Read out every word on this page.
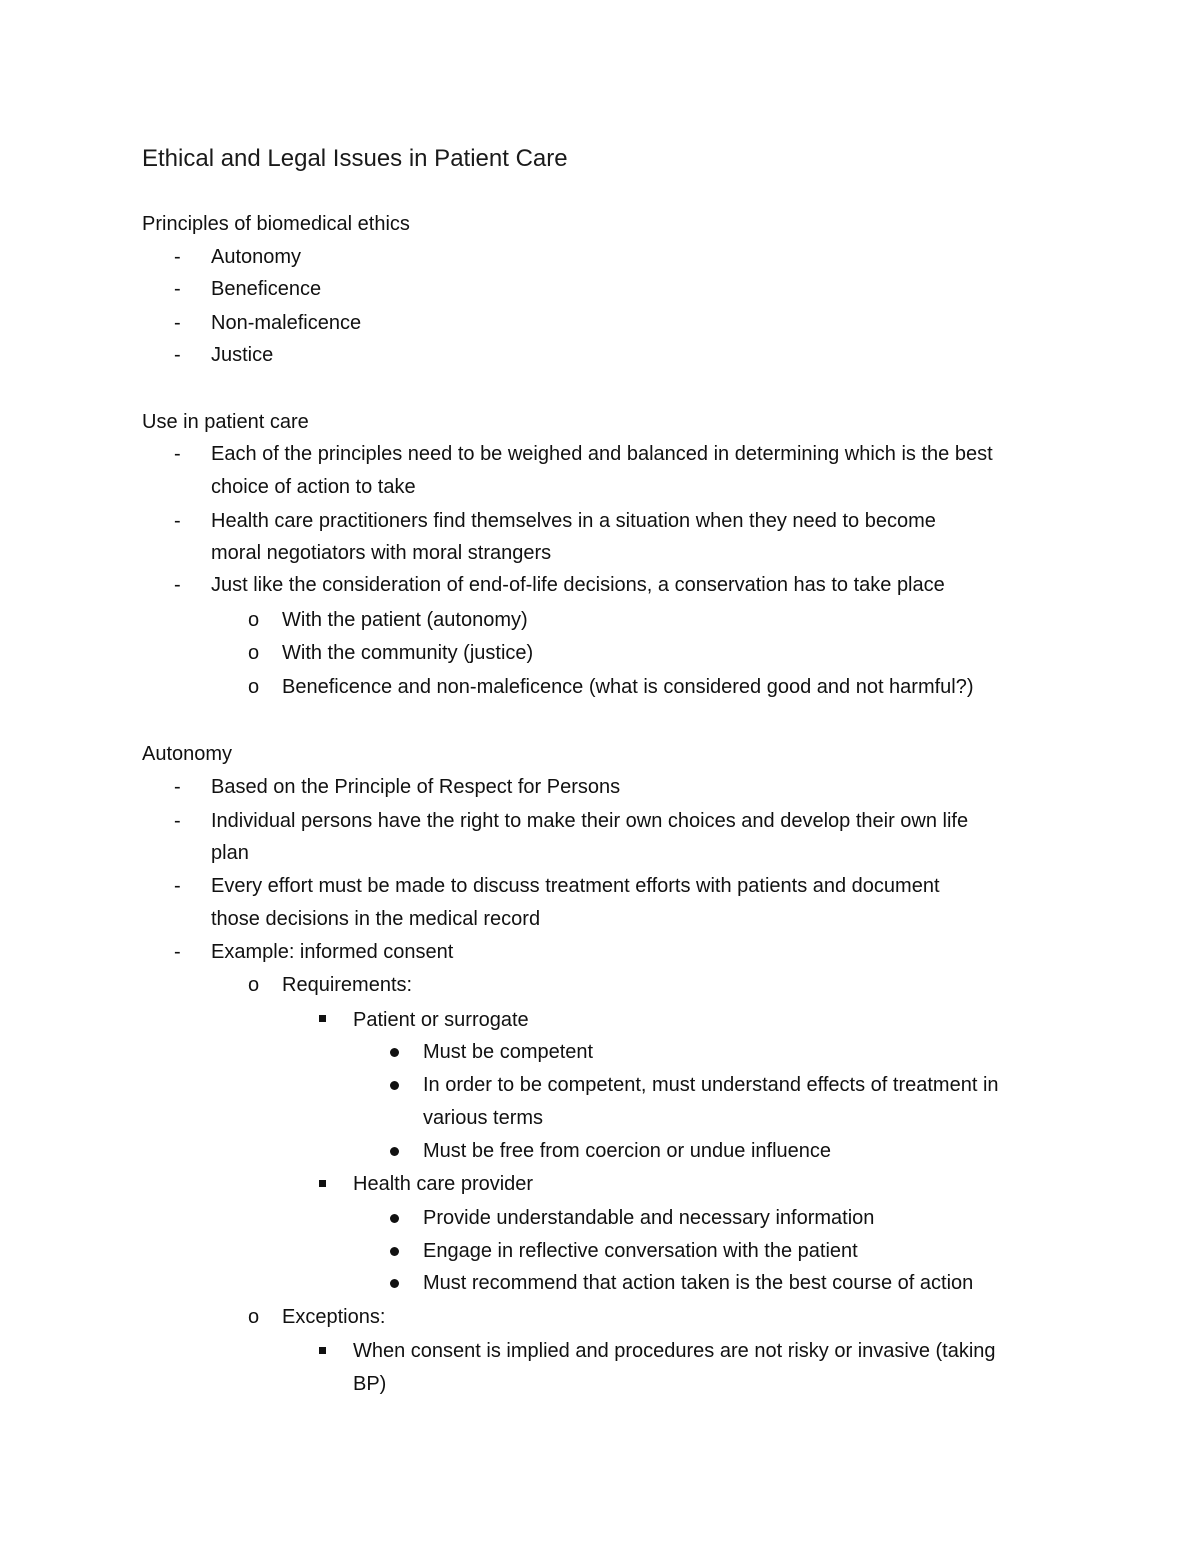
Ethical and Legal Issues in Patient Care
Principles of biomedical ethics
- Autonomy
- Beneficence
- Non-maleficence
- Justice
Use in patient care
- Each of the principles need to be weighed and balanced in determining which is the best
choice of action to take
- Health care practitioners find themselves in a situation when they need to become
moral negotiators with moral strangers
- Just like the consideration of end-of-life decisions, a conservation has to take place
o With the patient (autonomy)
o With the community (justice)
o Beneficence and non-maleficence (what is considered good and not harmful?)
Autonomy
- Based on the Principle of Respect for Persons
- Individual persons have the right to make their own choices and develop their own life
plan
- Every effort must be made to discuss treatment efforts with patients and document
those decisions in the medical record
- Example: informed consent
o Requirements:
Patient or surrogate
Must be competent
In order to be competent, must understand effects of treatment in
various terms
Must be free from coercion or undue influence
Health care provider
Provide understandable and necessary information
Engage in reflective conversation with the patient
Must recommend that action taken is the best course of action
o Exceptions:
When consent is implied and procedures are not risky or invasive (taking
BP)
